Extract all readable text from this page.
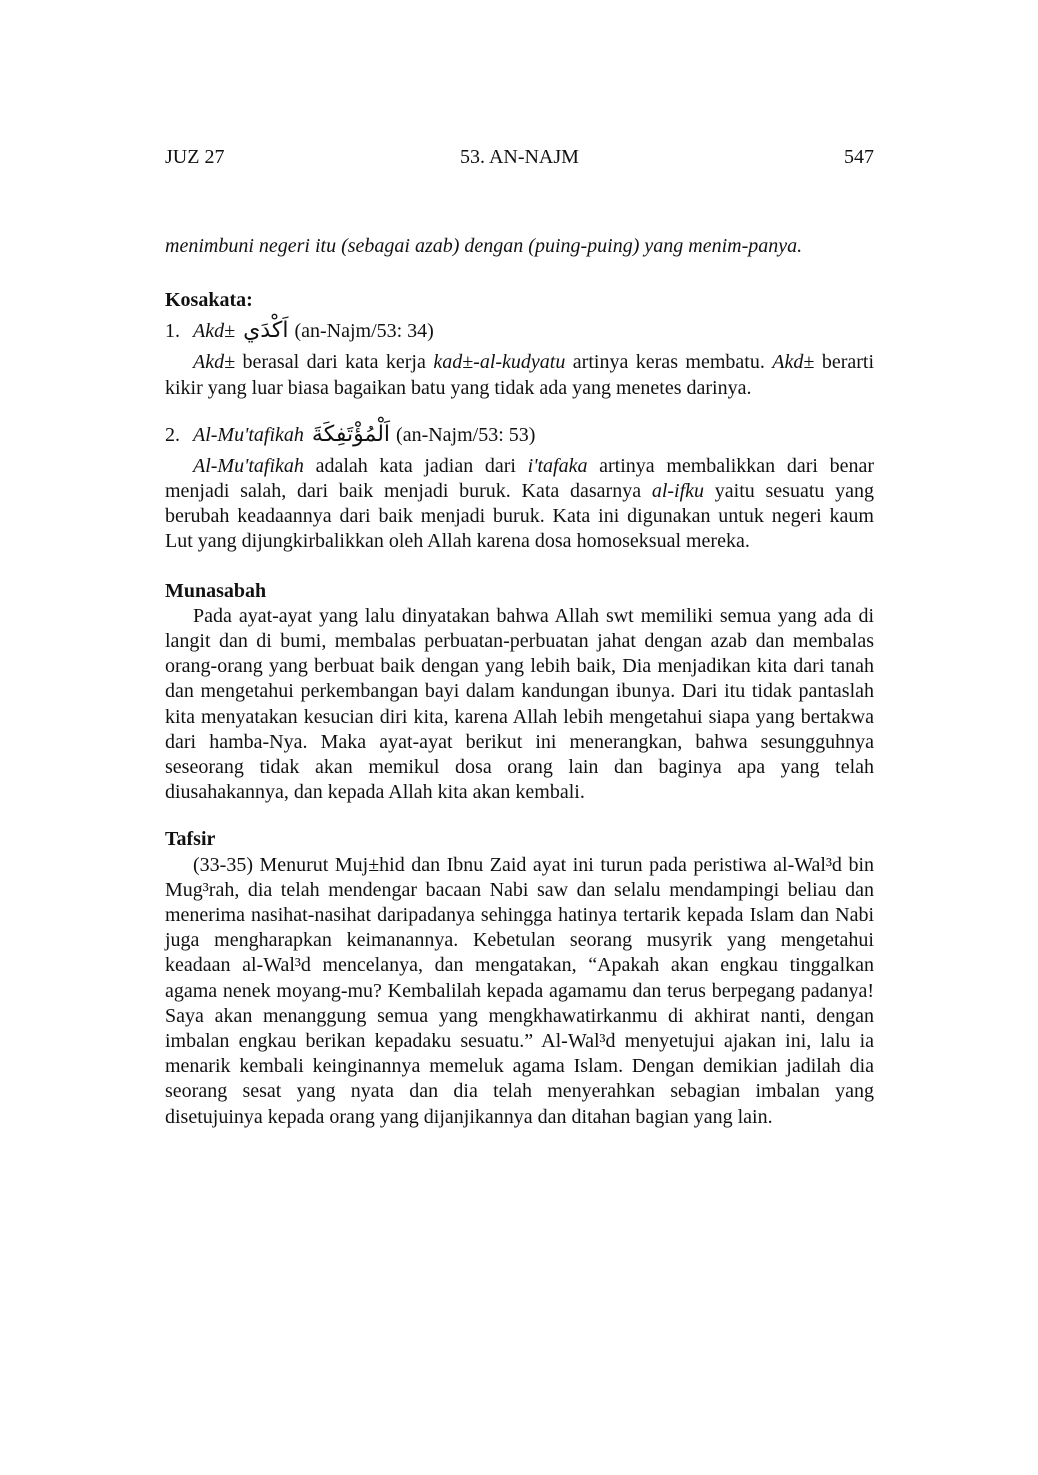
JUZ 27	53. AN-NAJM	547

menimbuni negeri itu (sebagai azab) dengan (puing-puing) yang menim-panya.

Kosakata:
1. Akd± اَكْدَي (an-Najm/53: 34)

Akd± berasal dari kata kerja kad±-al-kudyatu artinya keras membatu. Akd± berarti kikir yang luar biasa bagaikan batu yang tidak ada yang menetes darinya.

2. Al-Mu'tafikah اَلْمُؤْتَفِكَةَ (an-Najm/53: 53)

Al-Mu'tafikah adalah kata jadian dari i'tafaka artinya membalikkan dari benar menjadi salah, dari baik menjadi buruk. Kata dasarnya al-ifku yaitu sesuatu yang berubah keadaannya dari baik menjadi buruk. Kata ini digunakan untuk negeri kaum Lut yang dijungkirbalikkan oleh Allah karena dosa homoseksual mereka.

Munasabah

Pada ayat-ayat yang lalu dinyatakan bahwa Allah swt memiliki semua yang ada di langit dan di bumi, membalas perbuatan-perbuatan jahat dengan azab dan membalas orang-orang yang berbuat baik dengan yang lebih baik, Dia menjadikan kita dari tanah dan mengetahui perkembangan bayi dalam kandungan ibunya. Dari itu tidak pantaslah kita menyatakan kesucian diri kita, karena Allah lebih mengetahui siapa yang bertakwa dari hamba-Nya. Maka ayat-ayat berikut ini menerangkan, bahwa sesungguhnya seseorang tidak akan memikul dosa orang lain dan baginya apa yang telah diusahakannya, dan kepada Allah kita akan kembali.

Tafsir

(33-35) Menurut Muj±hid dan Ibnu Zaid ayat ini turun pada peristiwa al-Wal³d bin Mug³rah, dia telah mendengar bacaan Nabi saw dan selalu mendampingi beliau dan menerima nasihat-nasihat daripadanya sehingga hatinya tertarik kepada Islam dan Nabi juga mengharapkan keimanannya. Kebetulan seorang musyrik yang mengetahui keadaan al-Wal³d mencelanya, dan mengatakan, “Apakah akan engkau tinggalkan agama nenek moyang-mu? Kembalilah kepada agamamu dan terus berpegang padanya! Saya akan menanggung semua yang mengkhawatirkanmu di akhirat nanti, dengan imbalan engkau berikan kepadaku sesuatu.” Al-Wal³d menyetujui ajakan ini, lalu ia menarik kembali keinginannya memeluk agama Islam. Dengan demikian jadilah dia seorang sesat yang nyata dan dia telah menyerahkan sebagian imbalan yang disetujuinya kepada orang yang dijanjikannya dan ditahan bagian yang lain.
